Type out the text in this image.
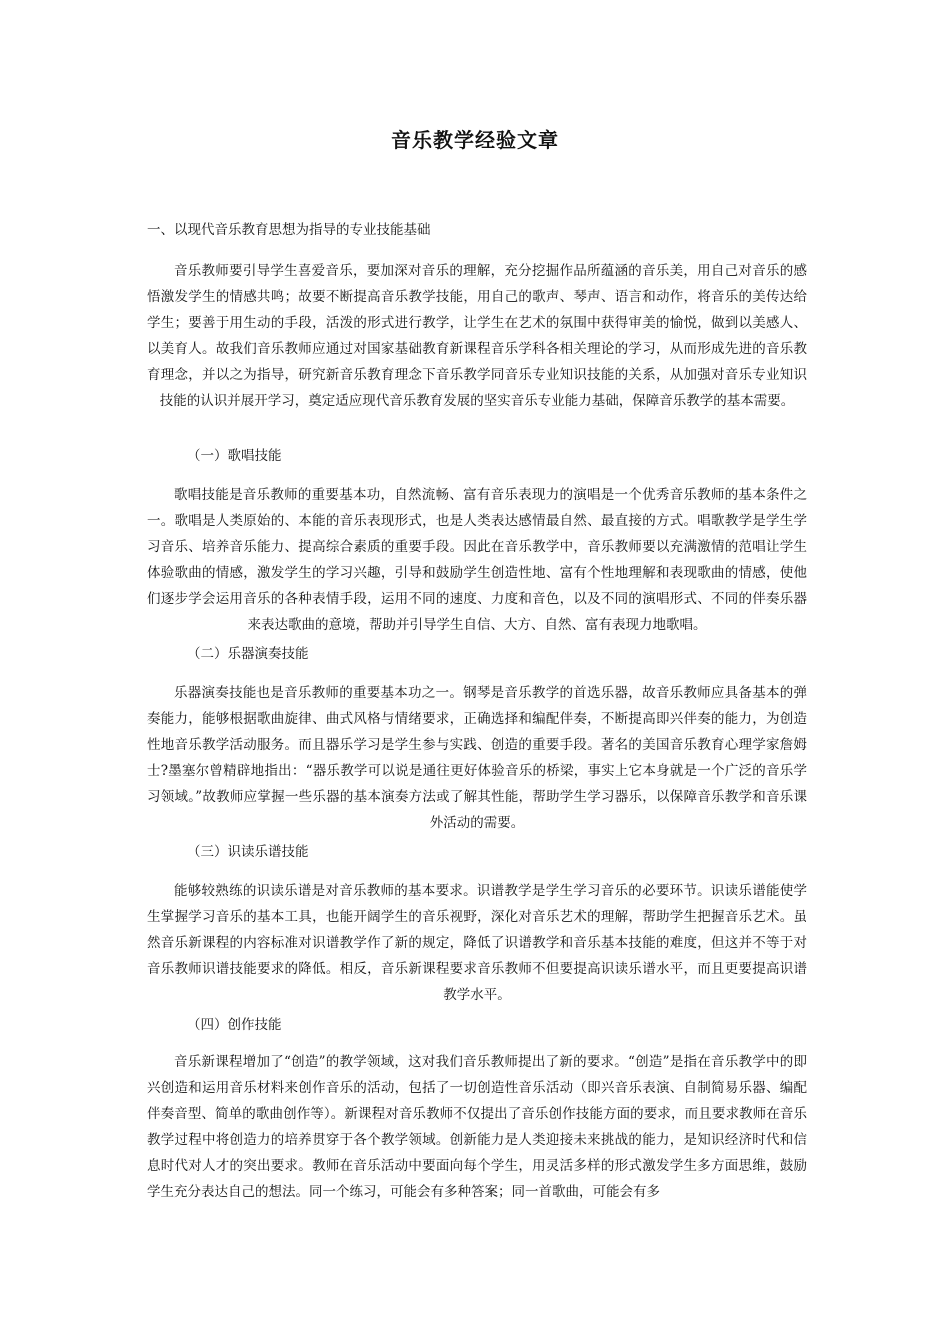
音乐教学经验文章
一、以现代音乐教育思想为指导的专业技能基础
音乐教师要引导学生喜爱音乐，要加深对音乐的理解，充分挖掘作品所蕴涵的音乐美，用自己对音乐的感悟激发学生的情感共鸣；故要不断提高音乐教学技能，用自己的歌声、琴声、语言和动作，将音乐的美传达给学生；要善于用生动的手段，活泼的形式进行教学，让学生在艺术的氛围中获得审美的愉悦，做到以美感人、以美育人。故我们音乐教师应通过对国家基础教育新课程音乐学科各相关理论的学习，从而形成先进的音乐教育理念，并以之为指导，研究新音乐教育理念下音乐教学同音乐专业知识技能的关系，从加强对音乐专业知识技能的认识并展开学习，奠定适应现代音乐教育发展的坚实音乐专业能力基础，保障音乐教学的基本需要。
（一）歌唱技能
歌唱技能是音乐教师的重要基本功，自然流畅、富有音乐表现力的演唱是一个优秀音乐教师的基本条件之一。歌唱是人类原始的、本能的音乐表现形式，也是人类表达感情最自然、最直接的方式。唱歌教学是学生学习音乐、培养音乐能力、提高综合素质的重要手段。因此在音乐教学中，音乐教师要以充满激情的范唱让学生体验歌曲的情感，激发学生的学习兴趣，引导和鼓励学生创造性地、富有个性地理解和表现歌曲的情感，使他们逐步学会运用音乐的各种表情手段，运用不同的速度、力度和音色，以及不同的演唱形式、不同的伴奏乐器来表达歌曲的意境，帮助并引导学生自信、大方、自然、富有表现力地歌唱。
（二）乐器演奏技能
乐器演奏技能也是音乐教师的重要基本功之一。钢琴是音乐教学的首选乐器，故音乐教师应具备基本的弹奏能力，能够根据歌曲旋律、曲式风格与情绪要求，正确选择和编配伴奏，不断提高即兴伴奏的能力，为创造性地音乐教学活动服务。而且器乐学习是学生参与实践、创造的重要手段。著名的美国音乐教育心理学家詹姆士?墨塞尔曾精辟地指出：“器乐教学可以说是通往更好体验音乐的桥梁，事实上它本身就是一个广泛的音乐学习领域。”故教师应掌握一些乐器的基本演奏方法或了解其性能，帮助学生学习器乐，以保障音乐教学和音乐课外活动的需要。
（三）识读乐谱技能
能够较熟练的识读乐谱是对音乐教师的基本要求。识谱教学是学生学习音乐的必要环节。识读乐谱能使学生掌握学习音乐的基本工具，也能开阔学生的音乐视野，深化对音乐艺术的理解，帮助学生把握音乐艺术。虽然音乐新课程的内容标准对识谱教学作了新的规定，降低了识谱教学和音乐基本技能的难度，但这并不等于对音乐教师识谱技能要求的降低。相反，音乐新课程要求音乐教师不但要提高识读乐谱水平，而且更要提高识谱教学水平。
（四）创作技能
音乐新课程增加了“创造”的教学领域，这对我们音乐教师提出了新的要求。“创造”是指在音乐教学中的即兴创造和运用音乐材料来创作音乐的活动，包括了一切创造性音乐活动（即兴音乐表演、自制简易乐器、编配伴奏音型、简单的歌曲创作等）。新课程对音乐教师不仅提出了音乐创作技能方面的要求，而且要求教师在音乐教学过程中将创造力的培养贯穿于各个教学领域。创新能力是人类迎接未来挑战的能力，是知识经济时代和信息时代对人才的突出要求。教师在音乐活动中要面向每个学生，用灵活多样的形式激发学生多方面思维，鼓励学生充分表达自己的想法。同一个练习，可能会有多种答案；同一首歌曲，可能会有多
